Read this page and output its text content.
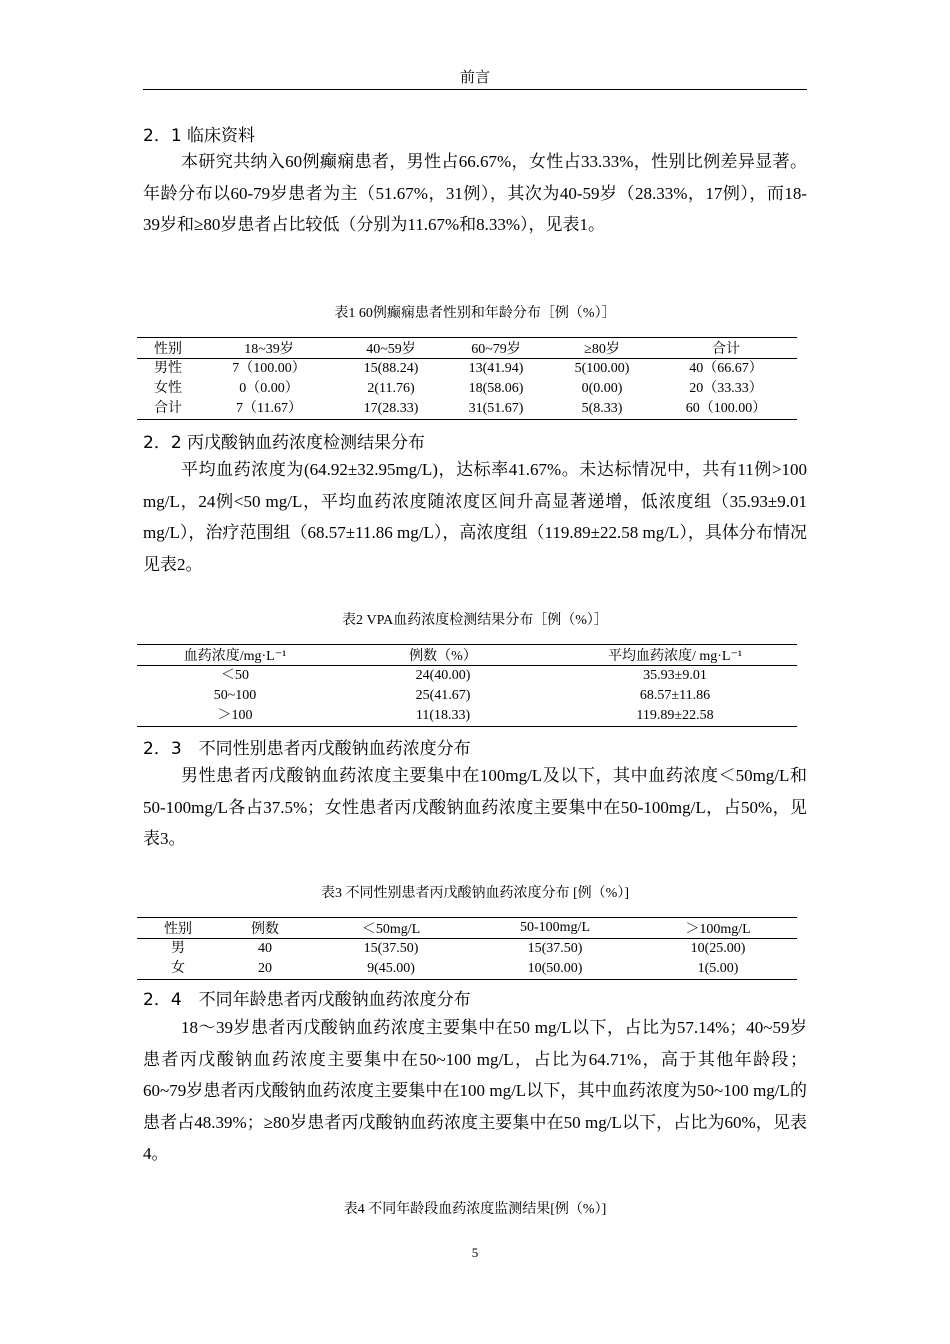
前言
2．1 临床资料
本研究共纳入60例癫痫患者，男性占66.67%，女性占33.33%，性别比例差异显著。年龄分布以60-79岁患者为主（51.67%，31例），其次为40-59岁（28.33%，17例），而18-39岁和≥80岁患者占比较低（分别为11.67%和8.33%），见表1。
表1 60例癫痫患者性别和年龄分布［例（%）］
性别	18~39岁	40~59岁	60~79岁	≥80岁	合计
男性	7（100.00）	15(88.24)	13(41.94)	5(100.00)	40（66.67）
女性	0（0.00）	2(11.76)	18(58.06)	0(0.00)	20（33.33）
合计	7（11.67）	17(28.33)	31(51.67)	5(8.33)	60（100.00）
2．2 丙戊酸钠血药浓度检测结果分布
平均血药浓度为(64.92±32.95mg/L)，达标率41.67%。未达标情况中，共有11例>100 mg/L，24例<50 mg/L，平均血药浓度随浓度区间升高显著递增，低浓度组（35.93±9.01 mg/L），治疗范围组（68.57±11.86 mg/L），高浓度组（119.89±22.58 mg/L），具体分布情况见表2。
表2 VPA血药浓度检测结果分布［例（%）］
血药浓度/mg·L⁻¹	例数（%）	平均血药浓度/ mg·L⁻¹
＜50	24(40.00)	35.93±9.01
50~100	25(41.67)	68.57±11.86
＞100	11(18.33)	119.89±22.58
2．3　不同性别患者丙戊酸钠血药浓度分布
男性患者丙戊酸钠血药浓度主要集中在100mg/L及以下，其中血药浓度＜50mg/L和50-100mg/L各占37.5%；女性患者丙戊酸钠血药浓度主要集中在50-100mg/L，占50%，见表3。
表3 不同性别患者丙戊酸钠血药浓度分布 [例（%）]
性别	例数	＜50mg/L	50-100mg/L	＞100mg/L
男	40	15(37.50)	15(37.50)	10(25.00)
女	20	9(45.00)	10(50.00)	1(5.00)
2．4　不同年龄患者丙戊酸钠血药浓度分布
18～39岁患者丙戊酸钠血药浓度主要集中在50 mg/L以下，占比为57.14%；40~59岁患者丙戊酸钠血药浓度主要集中在50~100 mg/L，占比为64.71%，高于其他年龄段；60~79岁患者丙戊酸钠血药浓度主要集中在100 mg/L以下，其中血药浓度为50~100 mg/L的患者占48.39%；≥80岁患者丙戊酸钠血药浓度主要集中在50 mg/L以下，占比为60%，见表4。
表4 不同年龄段血药浓度监测结果[例（%）]
5
